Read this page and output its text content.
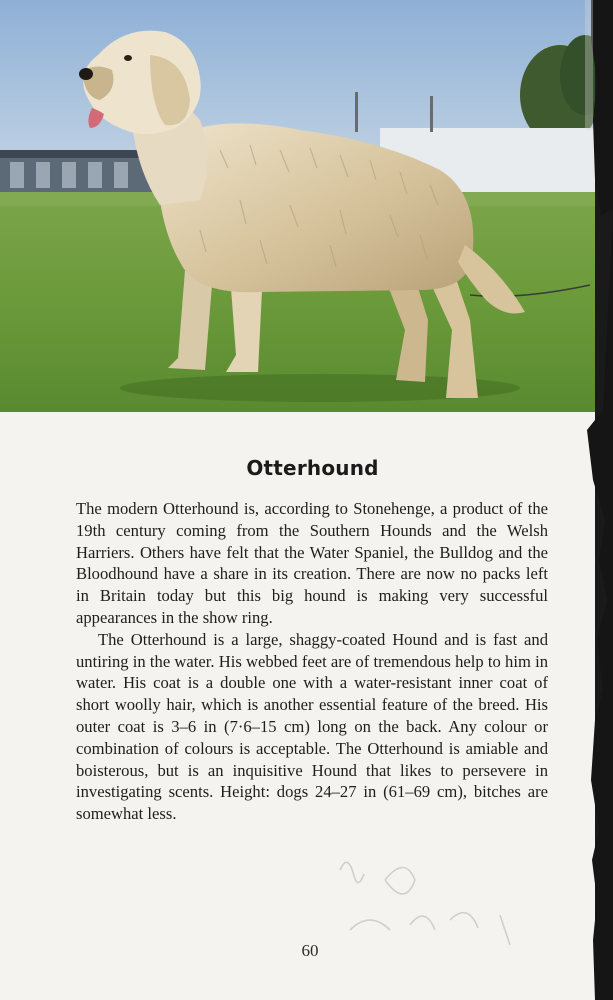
Otterhound

The modern Otterhound is, according to Stonehenge, a product of the 19th century coming from the Southern Hounds and the Welsh Harriers. Others have felt that the Water Spaniel, the Bulldog and the Bloodhound have a share in its creation. There are now no packs left in Britain today but this big hound is making very successful appearances in the show ring.

The Otterhound is a large, shaggy-coated Hound and is fast and untiring in the water. His webbed feet are of tremendous help to him in water. His coat is a double one with a water-resistant inner coat of short woolly hair, which is another essential feature of the breed. His outer coat is 3–6 in (7·6–15 cm) long on the back. Any colour or combination of colours is acceptable. The Otterhound is amiable and boisterous, but is an inquisitive Hound that likes to persevere in investigating scents. Height: dogs 24–27 in (61–69 cm), bitches are somewhat less.

60
